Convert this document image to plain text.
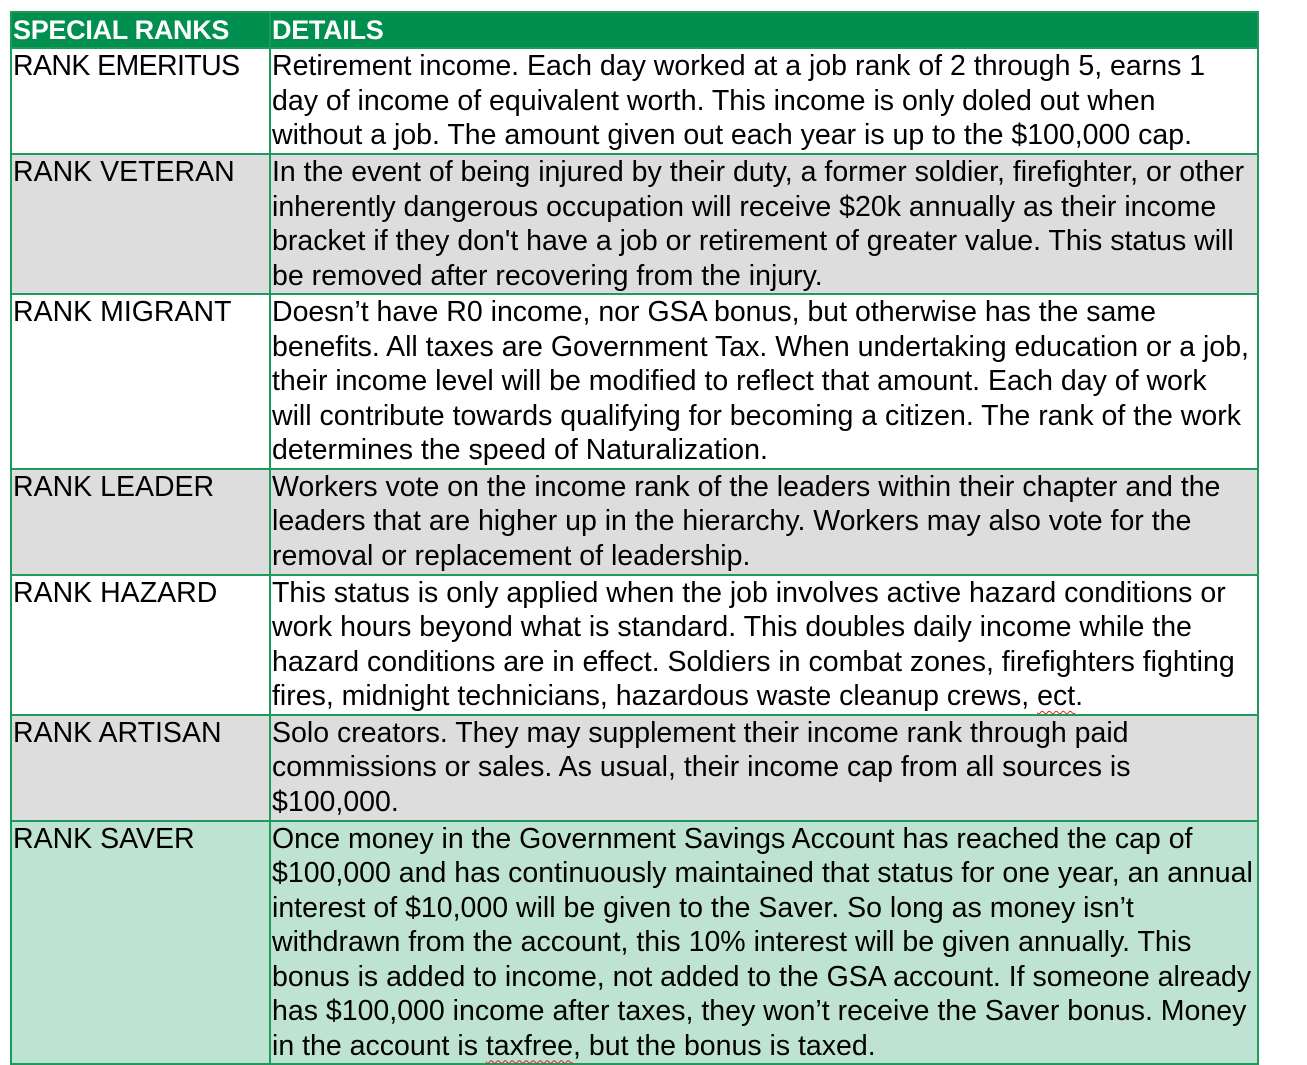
SPECIAL RANKS	DETAILS
RANK EMERITUS	Retirement income. Each day worked at a job rank of 2 through 5, earns 1 day of income of equivalent worth. This income is only doled out when without a job. The amount given out each year is up to the $100,000 cap.
RANK VETERAN	In the event of being injured by their duty, a former soldier, firefighter, or other inherently dangerous occupation will receive $20k annually as their income bracket if they don't have a job or retirement of greater value. This status will be removed after recovering from the injury.
RANK MIGRANT	Doesn’t have R0 income, nor GSA bonus, but otherwise has the same benefits. All taxes are Government Tax. When undertaking education or a job, their income level will be modified to reflect that amount. Each day of work will contribute towards qualifying for becoming a citizen. The rank of the work determines the speed of Naturalization.
RANK LEADER	Workers vote on the income rank of the leaders within their chapter and the leaders that are higher up in the hierarchy. Workers may also vote for the removal or replacement of leadership.
RANK HAZARD	This status is only applied when the job involves active hazard conditions or work hours beyond what is standard. This doubles daily income while the hazard conditions are in effect. Soldiers in combat zones, firefighters fighting fires, midnight technicians, hazardous waste cleanup crews, ect.
RANK ARTISAN	Solo creators. They may supplement their income rank through paid commissions or sales. As usual, their income cap from all sources is $100,000.
RANK SAVER	Once money in the Government Savings Account has reached the cap of $100,000 and has continuously maintained that status for one year, an annual interest of $10,000 will be given to the Saver. So long as money isn’t withdrawn from the account, this 10% interest will be given annually. This bonus is added to income, not added to the GSA account. If someone already has $100,000 income after taxes, they won’t receive the Saver bonus. Money in the account is taxfree, but the bonus is taxed.
